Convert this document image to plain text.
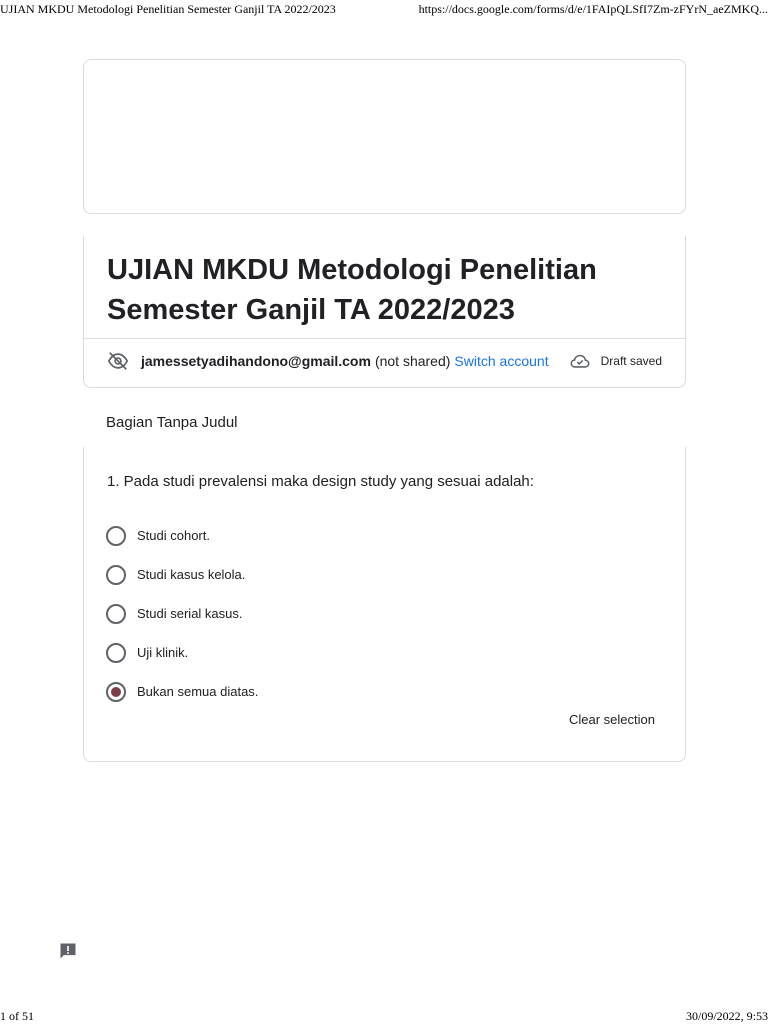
UJIAN MKDU Metodologi Penelitian Semester Ganjil TA 2022/2023	https://docs.google.com/forms/d/e/1FAIpQLSfI7Zm-zFYrN_aeZMKQ...
UJIAN MKDU Metodologi Penelitian Semester Ganjil TA 2022/2023
jamessetyadihandono@gmail.com (not shared) Switch account	Draft saved
Bagian Tanpa Judul
1. Pada studi prevalensi maka design study yang sesuai adalah:
Studi cohort.
Studi kasus kelola.
Studi serial kasus.
Uji klinik.
Bukan semua diatas.
Clear selection
1 of 51	30/09/2022, 9:53
